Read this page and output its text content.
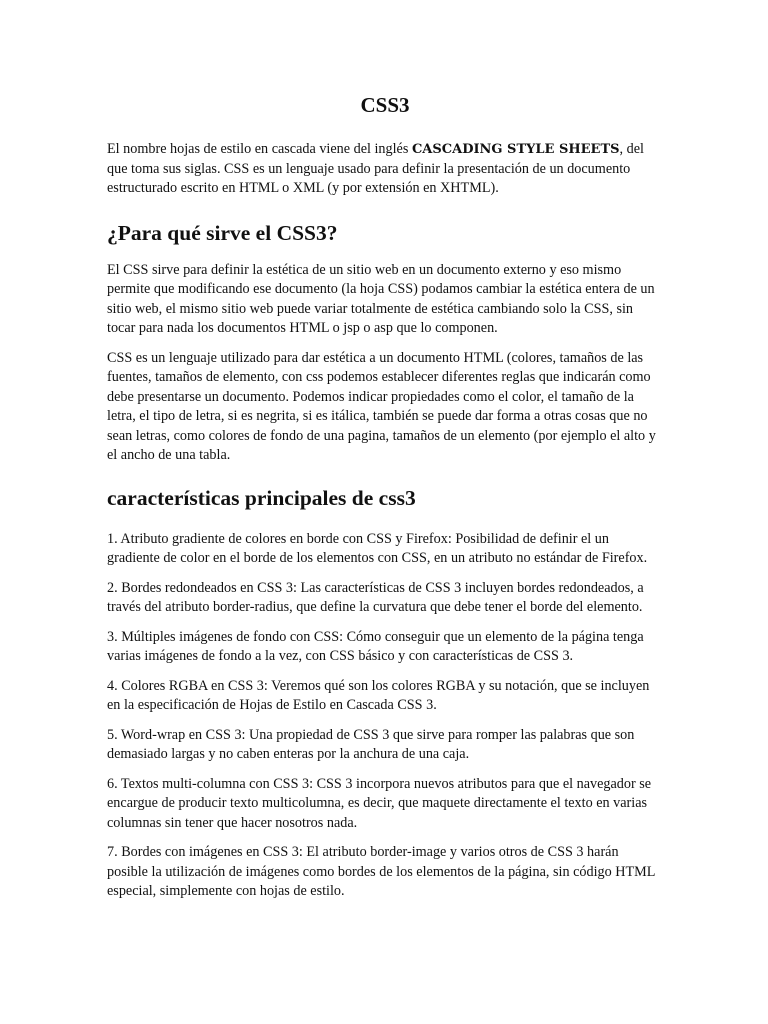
CSS3

El nombre hojas de estilo en cascada viene del inglés CASCADING STYLE SHEETS, del que toma sus siglas. CSS es un lenguaje usado para definir la presentación de un documento estructurado escrito en HTML o XML (y por extensión en XHTML).

¿Para qué sirve el CSS3?

El CSS sirve para definir la estética de un sitio web en un documento externo y eso mismo permite que modificando ese documento (la hoja CSS) podamos cambiar la estética entera de un sitio web, el mismo sitio web puede variar totalmente de estética cambiando solo la CSS, sin tocar para nada los documentos HTML o jsp o asp que lo componen.

CSS es un lenguaje utilizado para dar estética a un documento HTML (colores, tamaños de las fuentes, tamaños de elemento, con css podemos establecer diferentes reglas que indicarán como debe presentarse un documento. Podemos indicar propiedades como el color, el tamaño de la letra, el tipo de letra, si es negrita, si es itálica, también se puede dar forma a otras cosas que no sean letras, como colores de fondo de una pagina, tamaños de un elemento (por ejemplo el alto y el ancho de una tabla.

características principales de css3

1. Atributo gradiente de colores en borde con CSS y Firefox: Posibilidad de definir el un gradiente de color en el borde de los elementos con CSS, en un atributo no estándar de Firefox.

2. Bordes redondeados en CSS 3: Las características de CSS 3 incluyen bordes redondeados, a través del atributo border-radius, que define la curvatura que debe tener el borde del elemento.

3. Múltiples imágenes de fondo con CSS: Cómo conseguir que un elemento de la página tenga varias imágenes de fondo a la vez, con CSS básico y con características de CSS 3.

4. Colores RGBA en CSS 3: Veremos qué son los colores RGBA y su notación, que se incluyen en la especificación de Hojas de Estilo en Cascada CSS 3.

5. Word-wrap en CSS 3: Una propiedad de CSS 3 que sirve para romper las palabras que son demasiado largas y no caben enteras por la anchura de una caja.

6. Textos multi-columna con CSS 3: CSS 3 incorpora nuevos atributos para que el navegador se encargue de producir texto multicolumna, es decir, que maquete directamente el texto en varias columnas sin tener que hacer nosotros nada.

7. Bordes con imágenes en CSS 3: El atributo border-image y varios otros de CSS 3 harán posible la utilización de imágenes como bordes de los elementos de la página, sin código HTML especial, simplemente con hojas de estilo.
